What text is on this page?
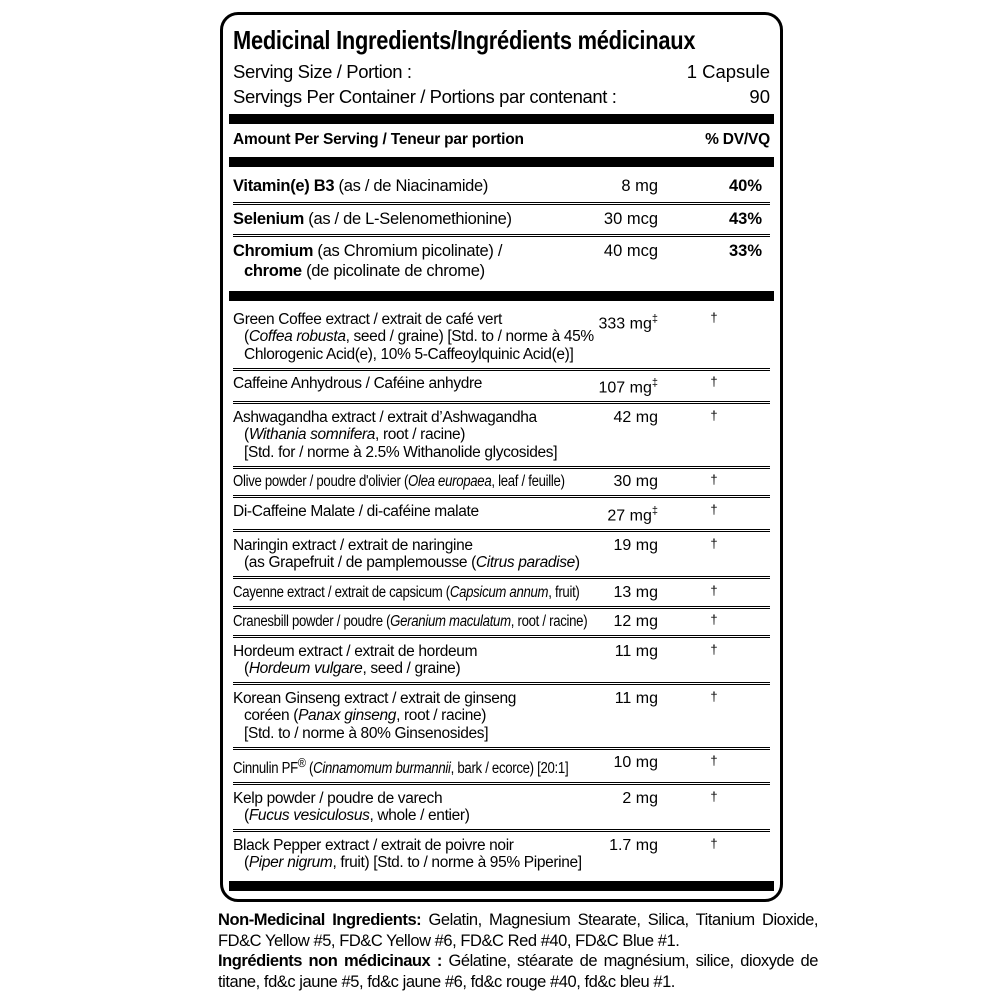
Medicinal Ingredients/Ingrédients médicinaux
Serving Size / Portion :	1 Capsule
Servings Per Container / Portions par contenant :	90
Amount Per Serving / Teneur par portion	% DV/VQ
Vitamin(e) B3 (as / de Niacinamide)	8 mg	40%
Selenium (as / de L-Selenomethionine)	30 mcg	43%
Chromium (as Chromium picolinate) /
chrome (de picolinate de chrome)
40 mcg	33%
Green Coffee extract / extrait de café vert
(Coffea robusta, seed / graine) [Std. to / norme à 45%
Chlorogenic Acid(e), 10% 5-Caffeoylquinic Acid(e)]
333 mg‡	†
Caffeine Anhydrous / Caféine anhydre	107 mg‡	†
Ashwagandha extract / extrait d’Ashwagandha
(Withania somnifera, root / racine)
[Std. for / norme à 2.5% Withanolide glycosides]
42 mg	†
Olive powder / poudre d'olivier (Olea europaea, leaf / feuille)	30 mg	†
Di-Caffeine Malate / di-caféine malate	27 mg‡	†
Naringin extract / extrait de naringine
(as Grapefruit / de pamplemousse (Citrus paradise)
19 mg	†
Cayenne extract / extrait de capsicum (Capsicum annum, fruit)	13 mg	†
Cranesbill powder / poudre (Geranium maculatum, root / racine)	12 mg	†
Hordeum extract / extrait de hordeum
(Hordeum vulgare, seed / graine)
11 mg	†
Korean Ginseng extract / extrait de ginseng
coréen (Panax ginseng, root / racine)
[Std. to / norme à 80% Ginsenosides]
11 mg	†
Cinnulin PF® (Cinnamomum burmannii, bark / ecorce) [20:1]	10 mg	†
Kelp powder / poudre de varech
(Fucus vesiculosus, whole / entier)
2 mg	†
Black Pepper extract / extrait de poivre noir
(Piper nigrum, fruit) [Std. to / norme à 95% Piperine]
1.7 mg	†

Non-Medicinal Ingredients: Gelatin, Magnesium Stearate, Silica, Titanium Dioxide, FD&C Yellow #5, FD&C Yellow #6, FD&C Red #40, FD&C Blue #1.

Ingrédients non médicinaux : Gélatine, stéarate de magnésium, silice, dioxyde de titane, fd&c jaune #5, fd&c jaune #6, fd&c rouge #40, fd&c bleu #1.
